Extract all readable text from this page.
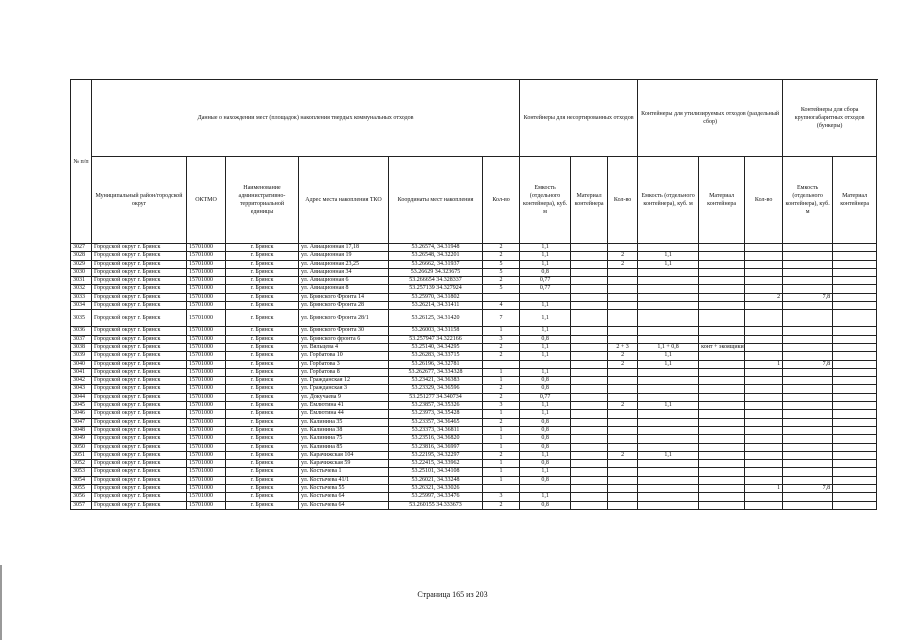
№ п/п	Данные о нахождении мест (площадок) накопления твердых коммунальных отходов						Контейнеры для несортированных отходов			Контейнеры для утилизируемых отходов (раздельный сбор)			Контейнеры для сбора крупногабаритных отходов (бункеры)	
	Муниципальный район/городской округ	ОКТМО	Наименование административно-территориальной единицы	Адрес места накопления ТКО	Координаты мест накопления	Кол-во	Емкость (отдельного контейнера), куб. м	Материал контейнера	Кол-во	Емкость (отдельного контейнера), куб. м	Материал контейнера	Кол-во	Емкость (отдельного контейнера), куб. м	Материал контейнера
3027	Городской округ г. Брянск	15701000	г. Брянск	ул. Авиационная 17,18	53.26574, 34.31948	2	1,1							
3028	Городской округ г. Брянск	15701000	г. Брянск	ул. Авиационная 19	53.26548, 34.32201	2	1,1		2	1,1				
3029	Городской округ г. Брянск	15701000	г. Брянск	ул. Авиационная 23,25	53.26662, 34.31937	5	1,1		2	1,1				
3030	Городской округ г. Брянск	15701000	г. Брянск	ул. Авиационная 34	53.26629 34.323675	5	0,8							
3031	Городской округ г. Брянск	15701000	г. Брянск	ул. Авиационная 6	53.266654 34.328337	2	0,77							
3032	Городской округ г. Брянск	15701000	г. Брянск	ул. Авиационная 8	53.257139 34.327924	5	0,77							
3033	Городской округ г. Брянск	15701000	г. Брянск	ул. Брянского Фронта 14	53.25970, 34.31802							2	7,8	
3034	Городской округ г. Брянск	15701000	г. Брянск	ул. Брянского Фронта 28	53.26214, 34.31411	4	1,1							
3035	Городской округ г. Брянск	15701000	г. Брянск	ул. Брянского Фронта 28/1	53.26125, 34.31420	7	1,1							
3036	Городской округ г. Брянск	15701000	г. Брянск	ул. Брянского Фронта 30	53.26003, 34.31158	1	1,1							
3037	Городской округ г. Брянск	15701000	г. Брянск	ул. Брянского фронта 6	53.257947 34.322166	3	0,8							
3038	Городской округ г. Брянск	15701000	г. Брянск	ул. Вяльцева 4	53.25140, 34.34295	2	1,1		2 + 3	1,1 + 0,8	конт + экоящики			
3039	Городской округ г. Брянск	15701000	г. Брянск	ул. Горбатова 10	53.26283, 34.33715	2	1,1		2	1,1				
3040	Городской округ г. Брянск	15701000	г. Брянск	ул. Горбатова 3	53.26196, 34.32781				2	1,1		1	7,8	
3041	Городской округ г. Брянск	15701000	г. Брянск	ул. Горбатова 8	53.262677, 34.334328	1	1,1							
3042	Городской округ г. Брянск	15701000	г. Брянск	ул. Гражданская 12	53.23421, 34.36383	1	0,8							
3043	Городской округ г. Брянск	15701000	г. Брянск	ул. Гражданская 3	53.23329, 34.36596	2	0,8							
3044	Городской округ г. Брянск	15701000	г. Брянск	ул. Докучаева 9	53.251277 34.340734	2	0,77							
3045	Городской округ г. Брянск	15701000	г. Брянск	ул. Емлютина 41	53.23857, 34.35326	3	1,1		2	1,1				
3046	Городской округ г. Брянск	15701000	г. Брянск	ул. Емлютина 44	53.23973, 34.35428	1	1,1							
3047	Городской округ г. Брянск	15701000	г. Брянск	ул. Калинина 35	53.23357, 34.36465	2	0,8							
3048	Городской округ г. Брянск	15701000	г. Брянск	ул. Калинина 38	53.23373, 34.36811	1	0,8							
3049	Городской округ г. Брянск	15701000	г. Брянск	ул. Калинина 75	53.23516, 34.36820	1	0,8							
3050	Городской округ г. Брянск	15701000	г. Брянск	ул. Калинина 85	53.23816, 34.36997	1	0,8							
3051	Городской округ г. Брянск	15701000	г. Брянск	ул. Карачижская 104	53.22195, 34.32297	2	1,1		2	1,1				
3052	Городской округ г. Брянск	15701000	г. Брянск	ул. Карачижская 59	53.22415, 34.33962	1	0,8							
3053	Городской округ г. Брянск	15701000	г. Брянск	ул. Костычева 1	53.25101, 34.34108	1	1,1							
3054	Городской округ г. Брянск	15701000	г. Брянск	ул. Костычева 41/1	53.26021, 34.33248	1	0,8							
3055	Городской округ г. Брянск	15701000	г. Брянск	ул. Костычева 55	53.26321, 34.33026							1	7,8	
3056	Городской округ г. Брянск	15701000	г. Брянск	ул. Костычева 64	53.25997, 34.33476	3	1,1							
3057	Городской округ г. Брянск	15701000	г. Брянск	ул. Костычева 64	53.260155 34.333673	2	0,8							
Страница 165 из 203
